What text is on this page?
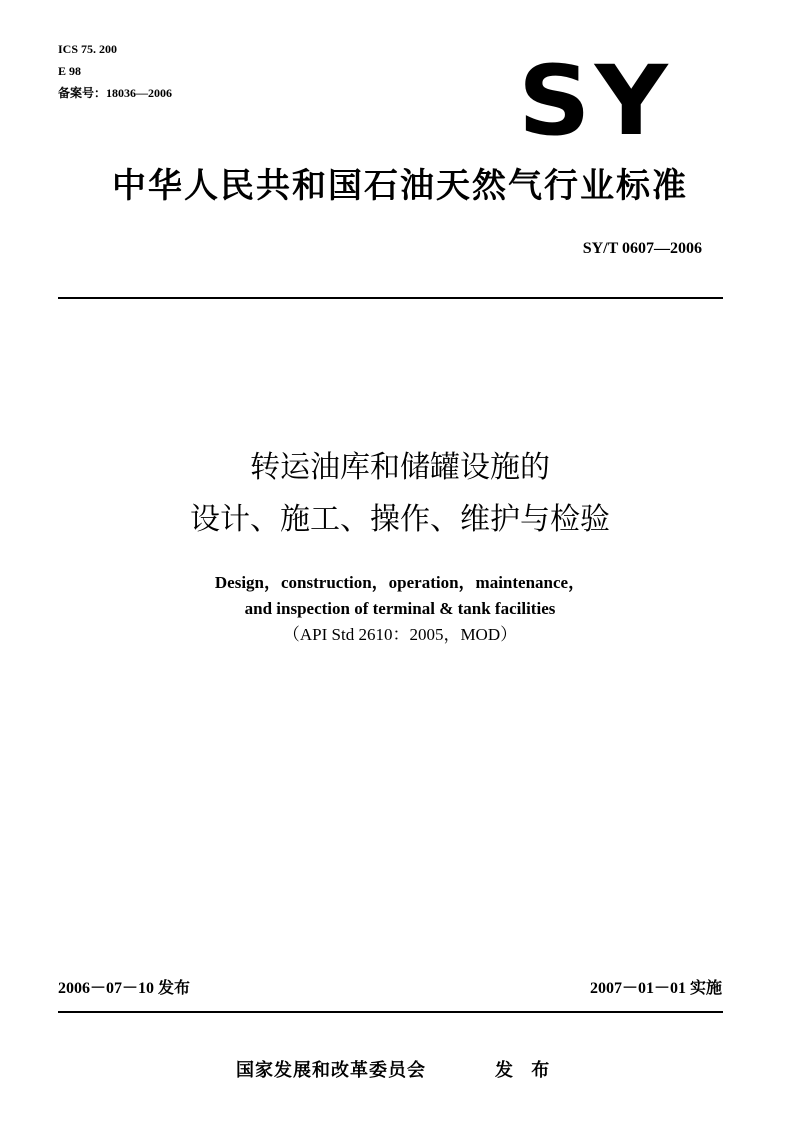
ICS 75. 200
E 98
备案号：18036—2006	SY
中华人民共和国石油天然气行业标准
SY/T 0607—2006
转运油库和储罐设施的
设计、施工、操作、维护与检验
Design，construction，operation，maintenance，
and inspection of terminal & tank facilities
（API Std 2610：2005，MOD）
2006－07－10 发布	2007－01－01 实施
国家发展和改革委员会	发 布
